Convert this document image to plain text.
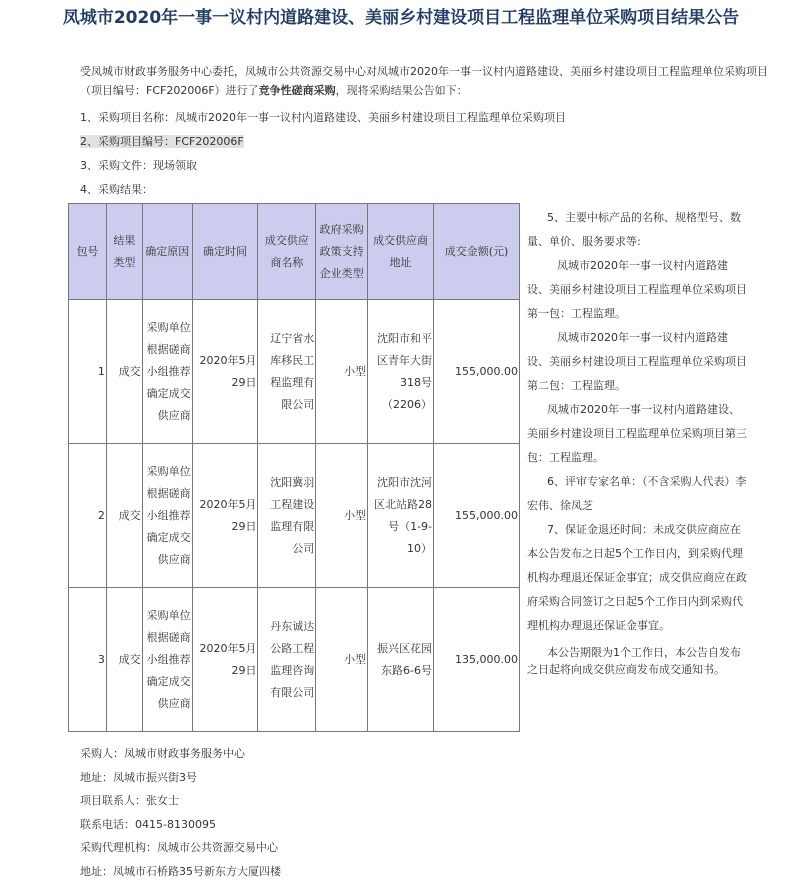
凤城市2020年一事一议村内道路建设、美丽乡村建设项目工程监理单位采购项目结果公告
受凤城市财政事务服务中心委托，凤城市公共资源交易中心对凤城市2020年一事一议村内道路建设、美丽乡村建设项目工程监理单位采购项目（项目编号：FCF202006F）进行了竞争性磋商采购，现将采购结果公告如下：
1、采购项目名称：凤城市2020年一事一议村内道路建设、美丽乡村建设项目工程监理单位采购项目
2、采购项目编号：FCF202006F
3、采购文件：现场领取
4、采购结果：
包号	结果类型	确定原因	确定时间	成交供应商名称	政府采购政策支持企业类型	成交供应商地址	成交金额(元)
1	成交	采购单位根据磋商小组推荐确定成交供应商	2020年5月29日	辽宁省水库移民工程监理有限公司	小型	沈阳市和平区青年大街318号（2206）	155,000.00
2	成交	采购单位根据磋商小组推荐确定成交供应商	2020年5月29日	沈阳冀羽工程建设监理有限公司	小型	沈阳市沈河区北站路28号（1-9-10）	155,000.00
3	成交	采购单位根据磋商小组推荐确定成交供应商	2020年5月29日	丹东诚达公路工程监理咨询有限公司	小型	振兴区花园东路6-6号	135,000.00

5、主要中标产品的名称、规格型号、数量、单价、服务要求等:

凤城市2020年一事一议村内道路建设、美丽乡村建设项目工程监理单位采购项目第一包：工程监理。

凤城市2020年一事一议村内道路建设、美丽乡村建设项目工程监理单位采购项目第二包：工程监理。

凤城市2020年一事一议村内道路建设、美丽乡村建设项目工程监理单位采购项目第三包：工程监理。

6、评审专家名单：（不含采购人代表）李宏伟、徐凤芝

7、保证金退还时间：未成交供应商应在本公告发布之日起5个工作日内，到采购代理机构办理退还保证金事宜；成交供应商应在政府采购合同签订之日起5个工作日内到采购代理机构办理退还保证金事宜。

本公告期限为1个工作日，本公告自发布之日起将向成交供应商发布成交通知书。

采购人：凤城市财政事务服务中心

地址：凤城市振兴街3号

项目联系人：张女士

联系电话：0415-8130095

采购代理机构：凤城市公共资源交易中心

地址：凤城市石桥路35号新东方大厦四楼
